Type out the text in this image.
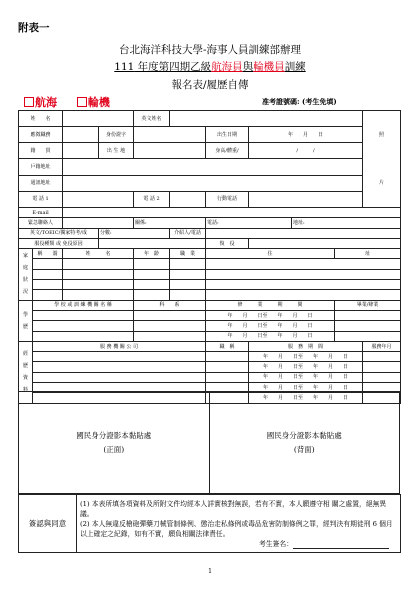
附表一
台北海洋科技大學-海事人員訓練部辦理
111 年度第四期乙級航海員與輪機員訓練
報名表/履歷自傳
航海	輪機	准考證號碼: (考生免填)
姓　　名				英文姓名						照
片
應徵職務			身份證字			出生日期	年　　月　　日			
籍　　貫			出 生 地			身高/體重/	/　　　/			
戶籍地址										
通訊地址										
電 話 1				電 話 2		行動電話				
E-mail										
緊急聯絡人				關係:		電話:		地址:		
英文/TOEIC/獨家特考/成			分數:		介紹人/電話					
服役種類 或 免役原因						復　役				
家
庭
狀
況	稱　　謂	姓　　　名		年　齡	職　業	住			址	

學
歷	學 校 或 訓 練 機 關 名 稱			科　　系		修　　　業　　　期　　　間			畢業/肄業	
						年　　月　　日至　　年　　月　　日				
						年　　月　　日至　　年　　月　　日				
						年　　月　　日至　　年　　月　　日				
經
歷
資
料	服 務 機 關 公 司					職　稱	服　務　期　間			服務年月
							年　　月　　日至　　年　　月　　日			
							年　　月　　日至　　年　　月　　日			
							年　　月　　日至　　年　　月　　日			
							年　　月　　日至　　年　　月　　日			
							年　　月　　日至　　年　　月　　日			
國民身分證影本黏貼處
(正面)	國民身分證影本黏貼處
(背面)
簽認與同意	
(1) 本表所填各項資料及所附文件均經本人詳實核對無誤，若有不實，本人願遵守相 關之處置，絕無異議。
(2) 本人無違反槍砲彈藥刀械管制條例、懲治走私條例或毒品危害防制條例之罪，經判決有期徒刑 6 個月以上確定之紀錄，如有不實，願負相關法律責任。
考生簽名：
1
